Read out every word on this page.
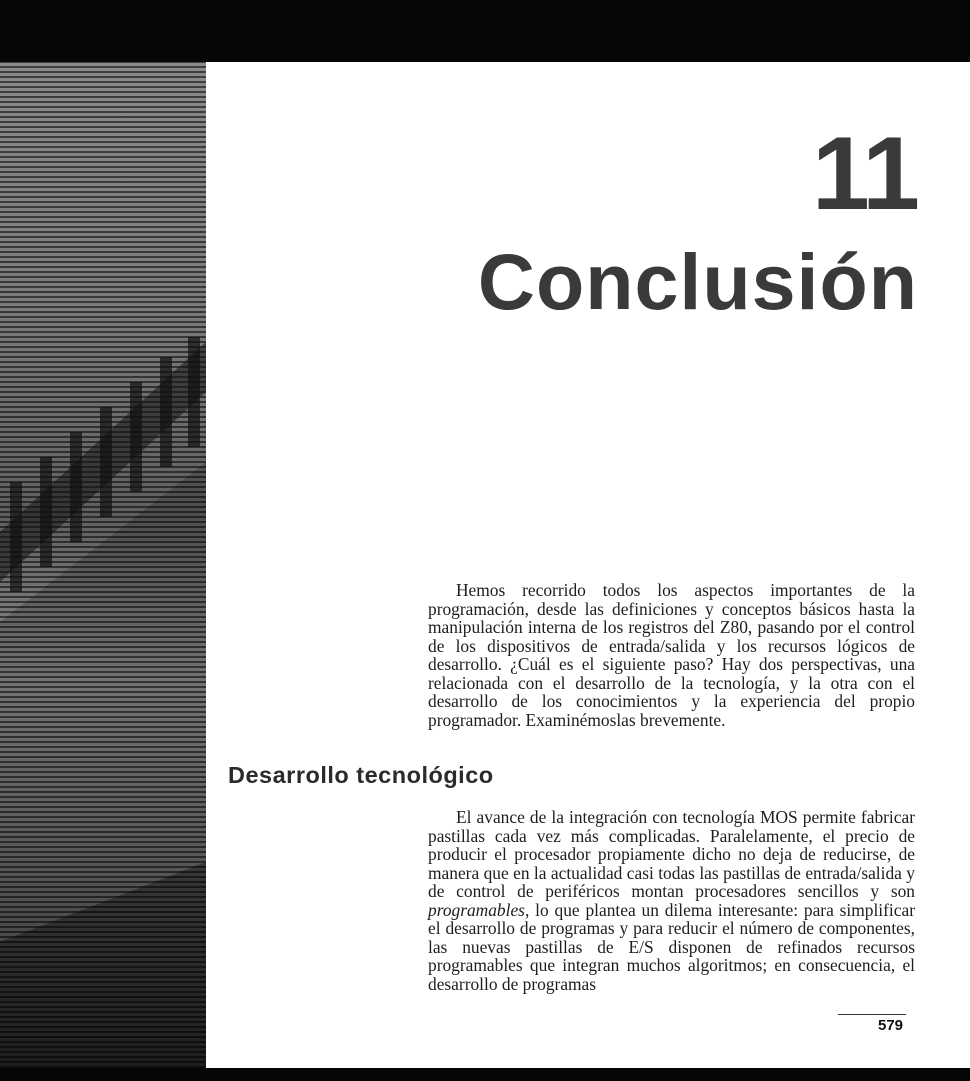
11
Conclusión

Hemos recorrido todos los aspectos importantes de la programación, desde las definiciones y conceptos básicos hasta la manipulación interna de los registros del Z80, pasando por el control de los dispositivos de entrada/salida y los recursos lógicos de desarrollo. ¿Cuál es el siguiente paso? Hay dos perspectivas, una relacionada con el desarrollo de la tecnología, y la otra con el desarrollo de los conocimientos y la experiencia del propio programador. Examinémoslas brevemente.

Desarrollo tecnológico

El avance de la integración con tecnología MOS permite fabricar pastillas cada vez más complicadas. Paralelamente, el precio de producir el procesador propiamente dicho no deja de reducirse, de manera que en la actualidad casi todas las pastillas de entrada/salida y de control de periféricos montan procesadores sencillos y son programables, lo que plantea un dilema interesante: para simplificar el desarrollo de programas y para reducir el número de componentes, las nuevas pastillas de E/S disponen de refinados recursos programables que integran muchos algoritmos; en consecuencia, el desarrollo de programas

579
